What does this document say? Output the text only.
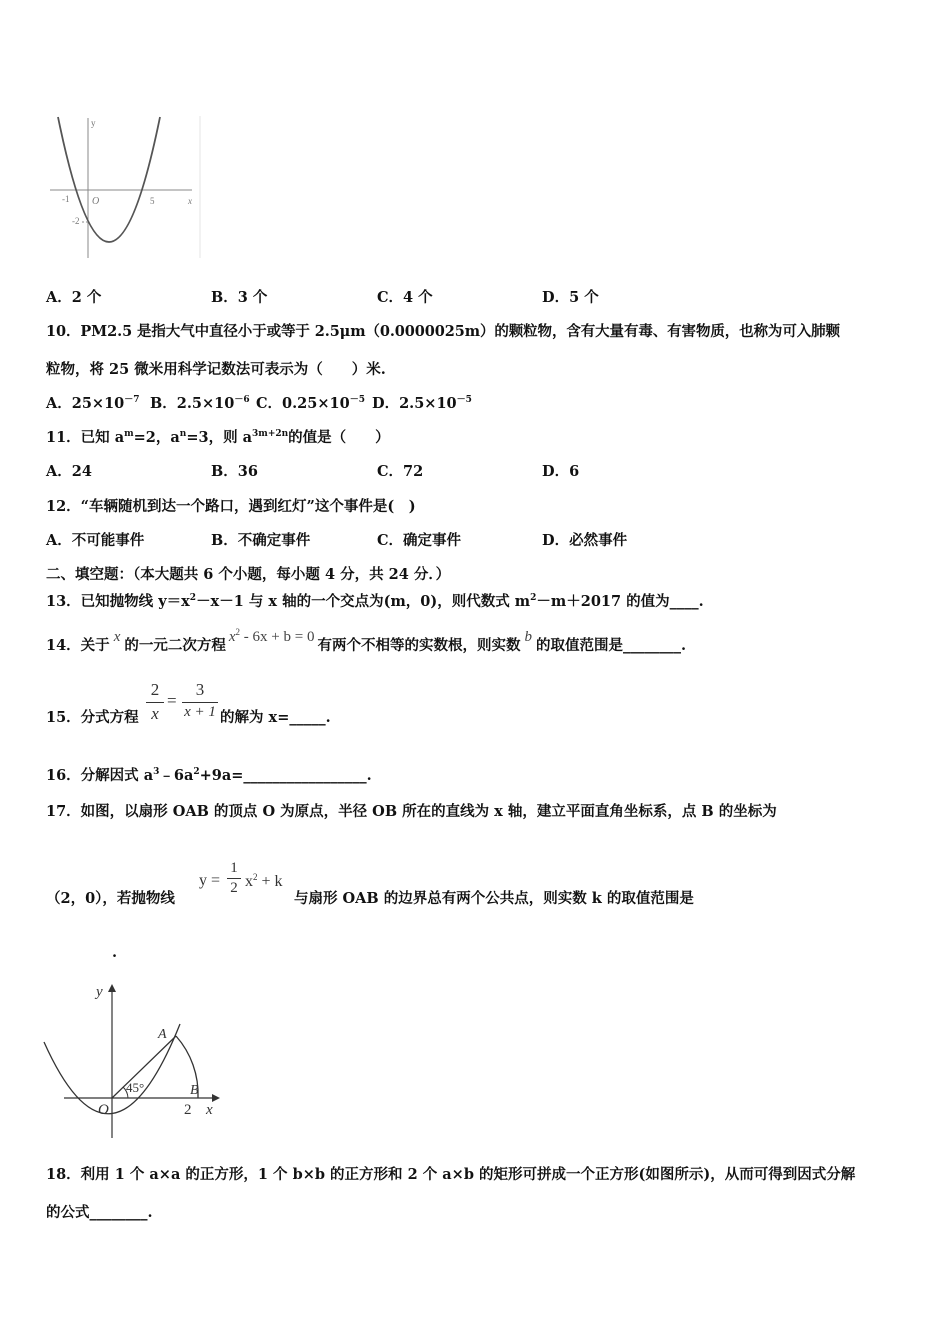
y
x
O
-1	5
-2
A．2 个	B．3 个	C．4 个	D．5 个
10．PM2.5 是指大气中直径小于或等于 2.5μm（0.0000025m）的颗粒物，含有大量有毒、有害物质，也称为可入肺颗
粒物，将 25 微米用科学记数法可表示为（　　）米.
A．$25\times 10^{-7}$ B．$2.5\times 10^{-6}$ C．$0.25\times 10^{-5}$ D．$2.5\times 10^{-5}$
11．已知 $a^m=2$，$a^n=3$，则 $a^{3m+2n}$的值是（　　）
A．24	B．36	C．72	D．6
12．“车辆随机到达一个路口，遇到红灯”这个事件是(　)
A．不可能事件	B．不确定事件	C．确定事件	D．必然事件
二、填空题：（本大题共 6 个小题，每小题 4 分，共 24 分．）
13．已知抛物线 $y=x^2-x-1$ 与 x 轴的一个交点为(m，0)，则代数式 $m^2-m+2017$ 的值为____.
14．关于 x 的一元二次方程 $x^2 - 6x + b = 0$ 有两个不相等的实数根，则实数 b 的取值范围是________.
15．分式方程 $\frac{2}{x} = \frac{3}{x + 1}$ 的解为 x=_____.
16．分解因式 $a^3﹣6a^2+9a=\_\_\_\_\_\_\_\_\_\_\_\_\_\_\_\_\_$.
17．如图，以扇形 OAB 的顶点 O 为原点，半径 OB 所在的直线为 x 轴，建立平面直角坐标系，点 B 的坐标为
（2，0），若抛物线
$y = \frac{1}{2} x^2 + k$
与扇形 OAB 的边界总有两个公共点，则实数 k 的取值范围是
.
y
x
O
A
B
45°
2
18．利用 1 个 a×a 的正方形，1 个 b×b 的正方形和 2 个 a×b 的矩形可拼成一个正方形(如图所示)，从而可得到因式分解
的公式________.
